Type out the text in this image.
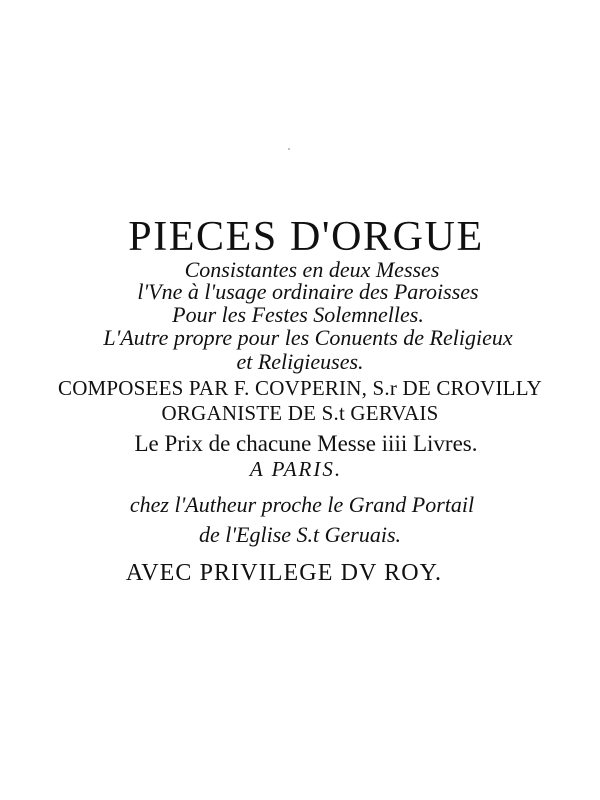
PIECES D'ORGUE
Consistantes en deux Messes
l'Vne à l'usage ordinaire des Paroisses
Pour les Festes Solemnelles.
L'Autre propre pour les Conuents de Religieux
et Religieuses.
COMPOSEES PAR F. COVPERIN, S.r DE CROVILLY
ORGANISTE DE S.t GERVAIS
Le Prix de chacune Messe iiii Livres.
A PARIS.
chez l'Autheur proche le Grand Portail
de l'Eglise S.t Geruais.
AVEC PRIVILEGE DV ROY.
